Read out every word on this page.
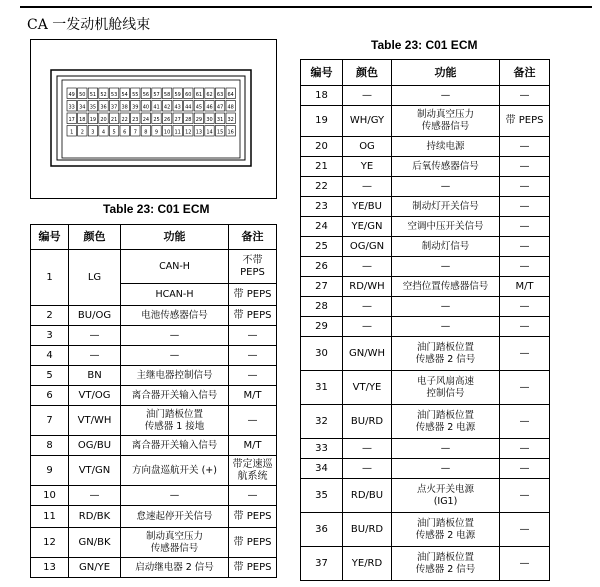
CA 一发动机舱线束
49 50 51 52 53 54 55 56 57 58 59 60 61 62 63 64
33 34 35 36 37 38 39 40 41 42 43 44 45 46 47 48
17 18 19 20 21 22 23 24 25 26 27 28 29 30 31 32
1 2 3 4 5 6 7 8 9 10 11 12 13 14 15 16
Table 23: C01 ECM
Table 23: C01 ECM
编号	颜色	功能	备注
1	LG	CAN-H	不带
PEPS

		HCAN-H	带 PEPS
2	BU/OG	电池传感器信号	带 PEPS
3	—	—	—
4	—	—	—
5	BN	主继电器控制信号	—
6	VT/OG	离合器开关输入信号	M/T
7	VT/WH	油门踏板位置
传感器 1 接地	—
8	OG/BU	离合器开关输入信号	M/T
9	VT/GN	方向盘巡航开关 (+)	带定速巡
航系统

10	—	—	—
11	RD/BK	怠速起停开关信号	带 PEPS
12	GN/BK	制动真空压力
传感器信号	带 PEPS
13	GN/YE	启动继电器 2 信号	带 PEPS
编号	颜色	功能	备注
18	—	—	—
19	WH/GY	制动真空压力
传感器信号	带 PEPS
20	OG	持续电源	—
21	YE	后氧传感器信号	—
22	—	—	—
23	YE/BU	制动灯开关信号	—
24	YE/GN	空调中压开关信号	—
25	OG/GN	制动灯信号	—
26	—	—	—
27	RD/WH	空挡位置传感器信号	M/T
28	—	—	—
29	—	—	—
30	GN/WH	油门踏板位置
传感器 2 信号	—
31	VT/YE	电子风扇高速
控制信号	—
32	BU/RD	油门踏板位置
传感器 2 电源	—
33	—	—	—
34	—	—	—
35	RD/BU	点火开关电源
(IG1)	—
36	BU/RD	油门踏板位置
传感器 2 电源	—
37	YE/RD	油门踏板位置
传感器 2 信号	—
